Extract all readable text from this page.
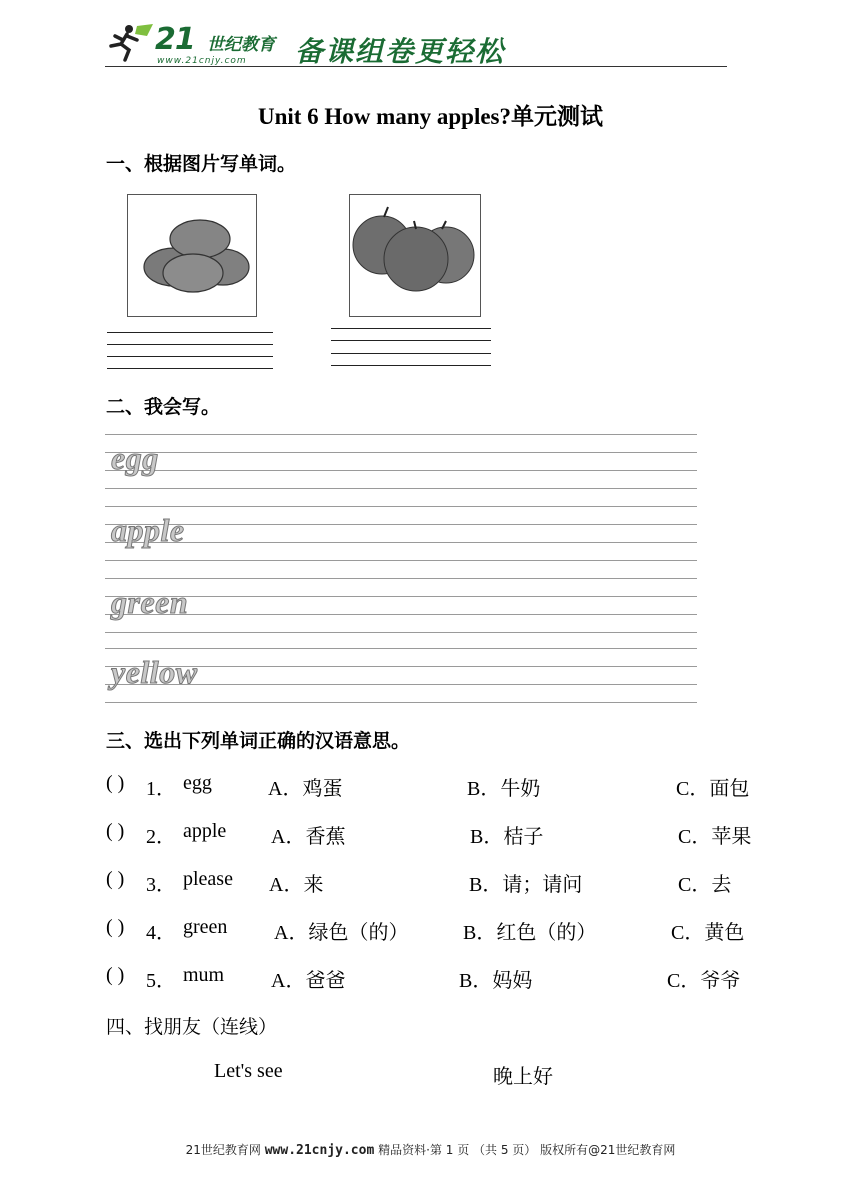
21 世纪教育
www.21cnjy.com 备课组卷更轻松
Unit 6 How many apples?单元测试
一、根据图片写单词。
二、我会写。
egg
apple
green
yellow
三、选出下列单词正确的汉语意思。
( ) 1． egg	A．鸡蛋	B．牛奶	C．面包
( ) 2． apple A．香蕉	B．桔子	C．苹果
( ) 3． please A．来	B．请；请问	C．去
( ) 4． green A．绿色（的）	B．红色（的）	C．黄色
( ) 5． mum A．爸爸	B．妈妈	C．爷爷
四、找朋友（连线）
Let's see	晚上好
21世纪教育网 www.21cnjy.com 精品资料·第 1 页 （共 5 页） 版权所有@21世纪教育网
